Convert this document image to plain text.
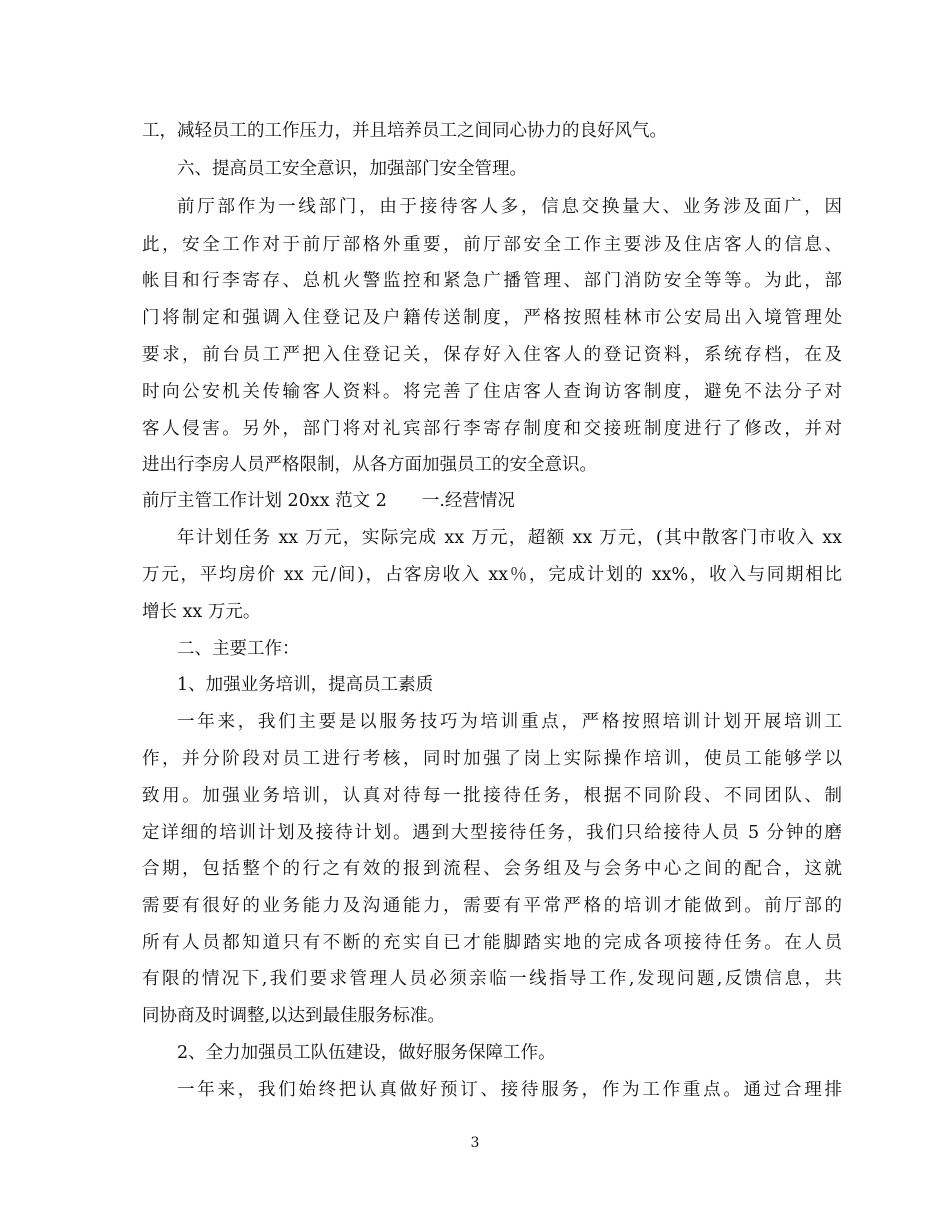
工，减轻员工的工作压力，并且培养员工之间同心协力的良好风气。
六、提高员工安全意识，加强部门安全管理。
前厅部作为一线部门，由于接待客人多，信息交换量大、业务涉及面广，因
此，安全工作对于前厅部格外重要，前厅部安全工作主要涉及住店客人的信息、
帐目和行李寄存、总机火警监控和紧急广播管理、部门消防安全等等。为此，部
门将制定和强调入住登记及户籍传送制度，严格按照桂林市公安局出入境管理处
要求，前台员工严把入住登记关，保存好入住客人的登记资料，系统存档，在及
时向公安机关传输客人资料。将完善了住店客人查询访客制度，避免不法分子对
客人侵害。另外，部门将对礼宾部行李寄存制度和交接班制度进行了修改，并对
进出行李房人员严格限制，从各方面加强员工的安全意识。
前厅主管工作计划 20xx 范文 2　　一.经营情况
年计划任务 xx 万元，实际完成 xx 万元，超额 xx 万元，(其中散客门市收入 xx
万元，平均房价 xx 元/间)，占客房收入 xx％，完成计划的 xx%，收入与同期相比
增长 xx 万元。
二、主要工作：
1、加强业务培训，提高员工素质
一年来，我们主要是以服务技巧为培训重点，严格按照培训计划开展培训工
作，并分阶段对员工进行考核，同时加强了岗上实际操作培训，使员工能够学以
致用。加强业务培训，认真对待每一批接待任务，根据不同阶段、不同团队、制
定详细的培训计划及接待计划。遇到大型接待任务，我们只给接待人员 5 分钟的磨
合期，包括整个的行之有效的报到流程、会务组及与会务中心之间的配合，这就
需要有很好的业务能力及沟通能力，需要有平常严格的培训才能做到。前厅部的
所有人员都知道只有不断的充实自已才能脚踏实地的完成各项接待任务。在人员
有限的情况下,我们要求管理人员必须亲临一线指导工作,发现问题,反馈信息，共
同协商及时调整,以达到最佳服务标准。
2、全力加强员工队伍建设，做好服务保障工作。
一年来，我们始终把认真做好预订、接待服务，作为工作重点。通过合理排
3
